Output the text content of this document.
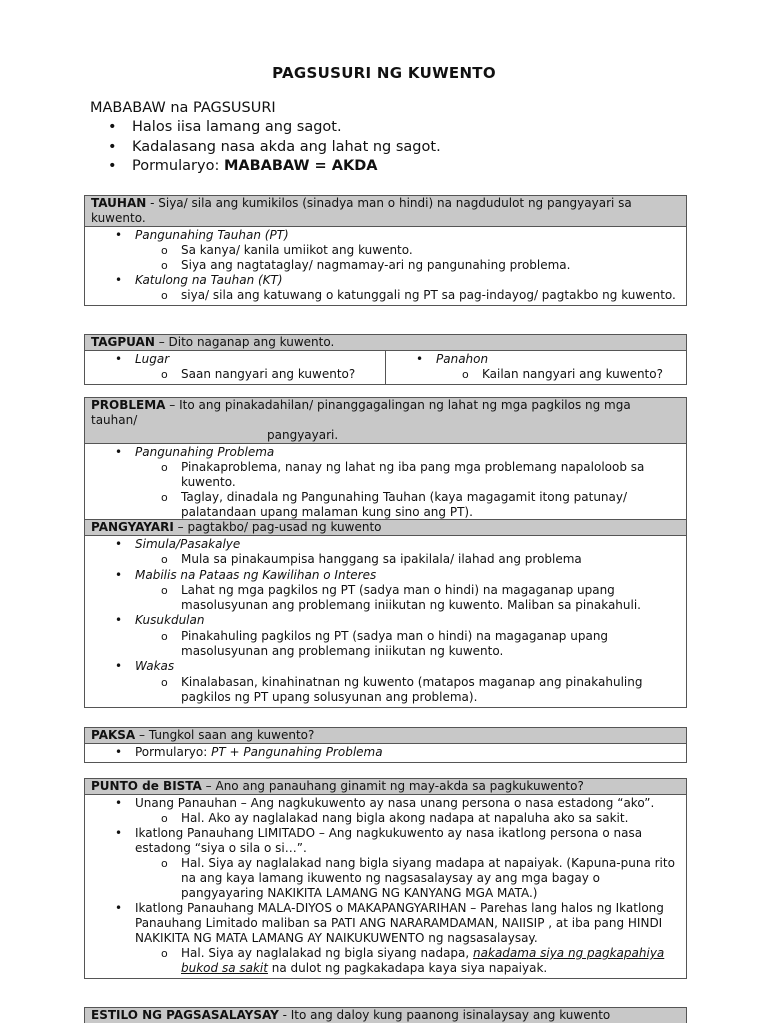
PAGSUSURI NG KUWENTO
MABABAW na PAGSUSURI
• Halos iisa lamang ang sagot.
• Kadalasang nasa akda ang lahat ng sagot.
• Pormularyo: MABABAW = AKDA
TAUHAN - Siya/ sila ang kumikilos (sinadya man o hindi) na nagdudulot ng pangyayari sa kuwento.
• Pangunahing Tauhan (PT)
o Sa kanya/ kanila umiikot ang kuwento.
o Siya ang nagtataglay/ nagmamay-ari ng pangunahing problema.
• Katulong na Tauhan (KT)
o siya/ sila ang katuwang o katunggali ng PT sa pag-indayog/ pagtakbo ng kuwento.
TAGPUAN – Dito naganap ang kuwento.
• Lugar
o Saan nangyari ang kuwento?
• Panahon
o Kailan nangyari ang kuwento?
PROBLEMA – Ito ang pinakadahilan/ pinanggagalingan ng lahat ng mga pagkilos ng mga tauhan/
pangyayari.
• Pangunahing Problema
o Pinakaproblema, nanay ng lahat ng iba pang mga problemang napaloloob sa kuwento.
o Taglay, dinadala ng Pangunahing Tauhan (kaya magagamit itong patunay/ palatandaan upang malaman kung sino ang PT).
PANGYAYARI – pagtakbo/ pag-usad ng kuwento
• Simula/Pasakalye
o Mula sa pinakaumpisa hanggang sa ipakilala/ ilahad ang problema
• Mabilis na Pataas ng Kawilihan o Interes
o Lahat ng mga pagkilos ng PT (sadya man o hindi) na magaganap upang masolusyunan ang problemang iniikutan ng kuwento. Maliban sa pinakahuli.
• Kusukdulan
o Pinakahuling pagkilos ng PT (sadya man o hindi) na magaganap upang masolusyunan ang problemang iniikutan ng kuwento.
• Wakas
o Kinalabasan, kinahinatnan ng kuwento (matapos maganap ang pinakahuling pagkilos ng PT upang solusyunan ang problema).
PAKSA – Tungkol saan ang kuwento?
• Pormularyo: PT + Pangunahing Problema
PUNTO de BISTA – Ano ang panauhang ginamit ng may-akda sa pagkukuwento?
• Unang Panauhan – Ang nagkukuwento ay nasa unang persona o nasa estadong “ako”.
o Hal. Ako ay naglalakad nang bigla akong nadapa at napaluha ako sa sakit.
• Ikatlong Panauhang LIMITADO – Ang nagkukuwento ay nasa ikatlong persona o nasa estadong “siya o sila o si…”.
o Hal. Siya ay naglalakad nang bigla siyang madapa at napaiyak. (Kapuna-puna rito na ang kaya lamang ikuwento ng nagsasalaysay ay ang mga bagay o pangyayaring NAKIKITA LAMANG NG KANYANG MGA MATA.)
• Ikatlong Panauhang MALA-DIYOS o MAKAPANGYARIHAN – Parehas lang halos ng Ikatlong Panauhang Limitado maliban sa PATI ANG NARARAMDAMAN, NAIISIP , at iba pang HINDI NAKIKITA NG MATA LAMANG AY NAIKUKUWENTO ng nagsasalaysay.
o Hal. Siya ay naglalakad ng bigla siyang nadapa, nakadama siya ng pagkapahiya bukod sa sakit na dulot ng pagkakadapa kaya siya napaiyak.
ESTILO NG PAGSASALAYSAY - Ito ang daloy kung paanong isinalaysay ang kuwento
